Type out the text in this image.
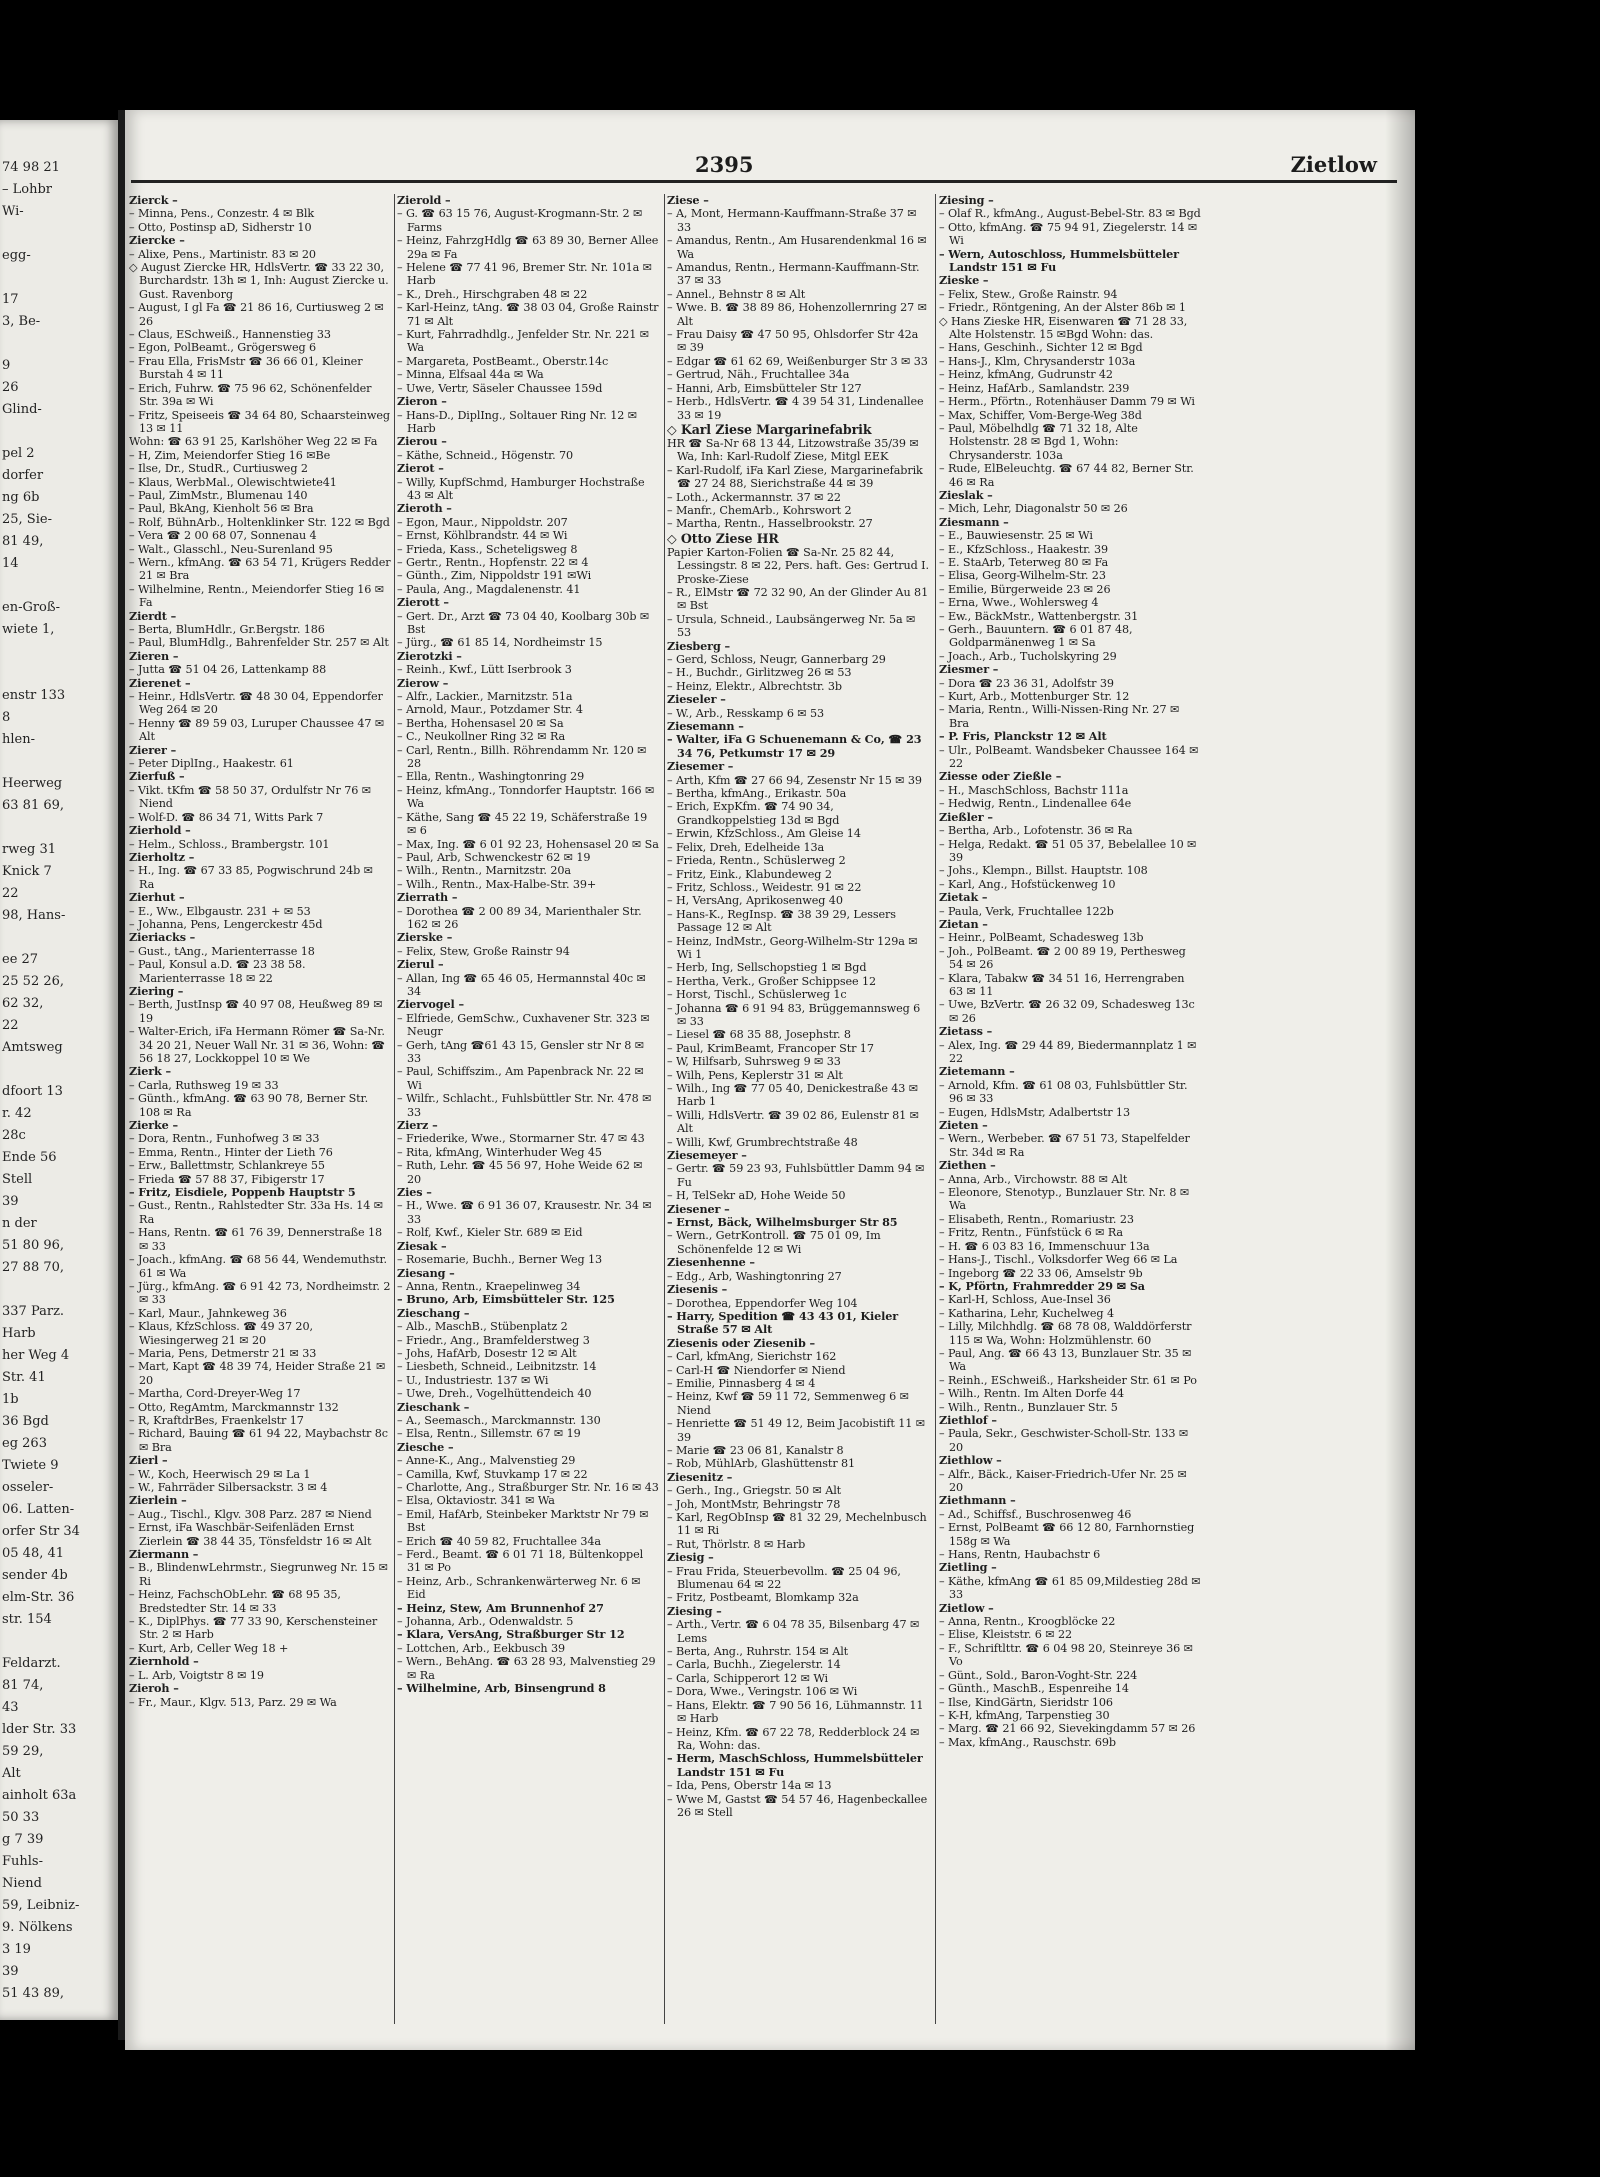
74 98 21
– Lohbr
Wi-
egg-
17
3, Be-
9
26
Glind-
pel 2
dorfer
ng 6b
25, Sie-
81 49,
14
en-Groß-
wiete 1,
enstr 133
8
hlen-
Heerweg
63 81 69,
rweg 31
Knick 7
22
98, Hans-
ee 27
25 52 26,
62 32,
22
Amtsweg
dfoort 13
r. 42
28c
Ende 56
Stell
39
n der
51 80 96,
27 88 70,
337 Parz.
Harb
her Weg 4
Str. 41
1b
36 Bgd
eg 263
Twiete 9
osseler-
06. Latten-
orfer Str 34
05 48, 41
sender 4b
elm-Str. 36
str. 154
Feldarzt.
81 74,
43
lder Str. 33
59 29,
Alt
ainholt 63a
50 33
g 7 39
Fuhls-
Niend
59, Leibniz-
9. Nölkens
3 19
39
51 43 89,
2395	Zietlow

Zierck –

– Minna, Pens., Conzestr. 4 ✉ Blk

– Otto, Postinsp aD, Sidherstr 10

Ziercke –

– Alixe, Pens., Martinistr. 83 ✉ 20

◇ August Ziercke HR, HdlsVertr. ☎ 33 22 30, Burchardstr. 13h ✉ 1, Inh: August Ziercke u. Gust. Ravenborg

– August, I gl Fa ☎ 21 86 16, Curtiusweg 2 ✉ 26

– Claus, ESchweiß., Hannenstieg 33

– Egon, PolBeamt., Grögersweg 6

– Frau Ella, FrisMstr ☎ 36 66 01, Kleiner Burstah 4 ✉ 11

– Erich, Fuhrw. ☎ 75 96 62, Schönenfelder Str. 39a ✉ Wi

– Fritz, Speiseeis ☎ 34 64 80, Schaarsteinweg 13 ✉ 11

Wohn: ☎ 63 91 25, Karlshöher Weg 22 ✉ Fa

– H, Zim, Meiendorfer Stieg 16 ✉Be

– Ilse, Dr., StudR., Curtiusweg 2

– Klaus, WerbMal., Olewischtwiete41

– Paul, ZimMstr., Blumenau 140

– Paul, BkAng, Kienholt 56 ✉ Bra

– Rolf, BühnArb., Holtenklinker Str. 122 ✉ Bgd

– Vera ☎ 2 00 68 07, Sonnenau 4

– Walt., Glasschl., Neu-Surenland 95

– Wern., kfmAng. ☎ 63 54 71, Krügers Redder 21 ✉ Bra

– Wilhelmine, Rentn., Meiendorfer Stieg 16 ✉ Fa

Zierdt –

– Berta, BlumHdlr., Gr.Bergstr. 186

– Paul, BlumHdlg., Bahrenfelder Str. 257 ✉ Alt

Zieren –

– Jutta ☎ 51 04 26, Lattenkamp 88

Zierenet –

– Heinr., HdlsVertr. ☎ 48 30 04, Eppendorfer Weg 264 ✉ 20

– Henny ☎ 89 59 03, Luruper Chaussee 47 ✉ Alt

Zierer –

– Peter DiplIng., Haakestr. 61

Zierfuß –

– Vikt. tKfm ☎ 58 50 37, Ordulfstr Nr 76 ✉ Niend

– Wolf-D. ☎ 86 34 71, Witts Park 7

Zierhold –

– Helm., Schloss., Brambergstr. 101

Zierholtz –

– H., Ing. ☎ 67 33 85, Pogwischrund 24b ✉ Ra

Zierhut –

– E., Ww., Elbgaustr. 231 + ✉ 53

– Johanna, Pens, Lengerckestr 45d

Zieriacks –

– Gust., tAng., Marienterrasse 18

– Paul, Konsul a.D. ☎ 23 38 58. Marienterrasse 18 ✉ 22

Ziering –

– Berth, JustInsp ☎ 40 97 08, Heußweg 89 ✉ 19

– Walter-Erich, iFa Hermann Römer ☎ Sa-Nr. 34 20 21, Neuer Wall Nr. 31 ✉ 36, Wohn: ☎ 56 18 27, Lockkoppel 10 ✉ We

Zierk –

– Carla, Ruthsweg 19 ✉ 33

– Günth., kfmAng. ☎ 63 90 78, Berner Str. 108 ✉ Ra

Zierke –

– Dora, Rentn., Funhofweg 3 ✉ 33

– Emma, Rentn., Hinter der Lieth 76

– Erw., Ballettmstr, Schlankreye 55

– Frieda ☎ 57 88 37, Fibigerstr 17

– Fritz, Eisdiele, Poppenb Hauptstr 5

– Gust., Rentn., Rahlstedter Str. 33a Hs. 14 ✉ Ra

– Hans, Rentn. ☎ 61 76 39, Dennerstraße 18 ✉ 33

– Joach., kfmAng. ☎ 68 56 44, Wendemuthstr. 61 ✉ Wa

– Jürg., kfmAng. ☎ 6 91 42 73, Nordheimstr. 2 ✉ 33

– Karl, Maur., Jahnkeweg 36

– Klaus, KfzSchloss. ☎ 49 37 20, Wiesingerweg 21 ✉ 20

– Maria, Pens, Detmerstr 21 ✉ 33

– Mart, Kapt ☎ 48 39 74, Heider Straße 21 ✉ 20

– Martha, Cord-Dreyer-Weg 17

– Otto, RegAmtm, Marckmannstr 132

– R, KraftdrBes, Fraenkelstr 17

– Richard, Bauing ☎ 61 94 22, Maybachstr 8c ✉ Bra

Zierl –

– W., Koch, Heerwisch 29 ✉ La 1

– W., Fahrräder Silbersackstr. 3 ✉ 4

Zierlein –

– Aug., Tischl., Klgv. 308 Parz. 287 ✉ Niend

– Ernst, iFa Waschbär-Seifenläden Ernst Zierlein ☎ 38 44 35, Tönsfeldstr 16 ✉ Alt

Ziermann –

– B., BlindenwLehrmstr., Siegrunweg Nr. 15 ✉ Ri

– Heinz, FachschObLehr. ☎ 68 95 35, Bredstedter Str. 14 ✉ 33

– K., DiplPhys. ☎ 77 33 90, Kerschensteiner Str. 2 ✉ Harb

– Kurt, Arb, Celler Weg 18 +

Ziernhold –

– L. Arb, Voigtstr 8 ✉ 19

Zieroh –

– Fr., Maur., Klgv. 513, Parz. 29 ✉ Wa

Zierold –

– G. ☎ 63 15 76, August-Krogmann-Str. 2 ✉ Farms

– Heinz, FahrzgHdlg ☎ 63 89 30, Berner Allee 29a ✉ Fa

– Helene ☎ 77 41 96, Bremer Str. Nr. 101a ✉ Harb

– K., Dreh., Hirschgraben 48 ✉ 22

– Karl-Heinz, tAng. ☎ 38 03 04, Große Rainstr 71 ✉ Alt

– Kurt, Fahrradhdlg., Jenfelder Str. Nr. 221 ✉ Wa

– Margareta, PostBeamt., Oberstr.14c

– Minna, Elfsaal 44a ✉ Wa

– Uwe, Vertr, Säseler Chaussee 159d

Zieron –

– Hans-D., DiplIng., Soltauer Ring Nr. 12 ✉ Harb

Zierou –

– Käthe, Schneid., Högenstr. 70

Zierot –

– Willy, KupfSchmd, Hamburger Hochstraße 43 ✉ Alt

Zieroth –

– Egon, Maur., Nippoldstr. 207

– Ernst, Köhlbrandstr. 44 ✉ Wi

– Frieda, Kass., Scheteligsweg 8

– Gertr., Rentn., Hopfenstr. 22 ✉ 4

– Günth., Zim, Nippoldstr 191 ✉Wi

– Paula, Ang., Magdalenenstr. 41

Zierott –

– Gert. Dr., Arzt ☎ 73 04 40, Koolbarg 30b ✉ Bst

– Jürg., ☎ 61 85 14, Nordheimstr 15

Zierotzki –

– Reinh., Kwf., Lütt Iserbrook 3

Zierow –

– Alfr., Lackier., Marnitzstr. 51a

– Arnold, Maur., Potzdamer Str. 4

– Bertha, Hohensasel 20 ✉ Sa

– C., Neukollner Ring 32 ✉ Ra

– Carl, Rentn., Billh. Röhrendamm Nr. 120 ✉ 28

– Ella, Rentn., Washingtonring 29

– Heinz, kfmAng., Tonndorfer Hauptstr. 166 ✉ Wa

– Käthe, Sang ☎ 45 22 19, Schäferstraße 19 ✉ 6

– Max, Ing. ☎ 6 01 92 23, Hohensasel 20 ✉ Sa

– Paul, Arb, Schwenckestr 62 ✉ 19

– Wilh., Rentn., Marnitzstr. 20a

– Wilh., Rentn., Max-Halbe-Str. 39+

Zierrath –

– Dorothea ☎ 2 00 89 34, Marienthaler Str. 162 ✉ 26

Zierske –

– Felix, Stew, Große Rainstr 94

Zierul –

– Allan, Ing ☎ 65 46 05, Hermannstal 40c ✉ 34

Ziervogel –

– Elfriede, GemSchw., Cuxhavener Str. 323 ✉ Neugr

– Gerh, tAng ☎61 43 15, Gensler str Nr 8 ✉ 33

– Paul, Schiffszim., Am Papenbrack Nr. 22 ✉ Wi

– Wilfr., Schlacht., Fuhlsbüttler Str. Nr. 478 ✉ 33

Zierz –

– Friederike, Wwe., Stormarner Str. 47 ✉ 43

– Rita, kfmAng, Winterhuder Weg 45

– Ruth, Lehr. ☎ 45 56 97, Hohe Weide 62 ✉ 20

Zies –

– H., Wwe. ☎ 6 91 36 07, Krausestr. Nr. 34 ✉ 33

– Rolf, Kwf., Kieler Str. 689 ✉ Eid

Ziesak –

– Rosemarie, Buchh., Berner Weg 13

Ziesang –

– Anna, Rentn., Kraepelinweg 34

– Bruno, Arb, Eimsbütteler Str. 125

Zieschang –

– Alb., MaschB., Stübenplatz 2

– Friedr., Ang., Bramfelderstweg 3

– Johs, HafArb, Dosestr 12 ✉ Alt

– Liesbeth, Schneid., Leibnitzstr. 14

– U., Industriestr. 137 ✉ Wi

– Uwe, Dreh., Vogelhüttendeich 40

Zieschank –

– A., Seemasch., Marckmannstr. 130

– Elsa, Rentn., Sillemstr. 67 ✉ 19

Ziesche –

– Anne-K., Ang., Malvenstieg 29

– Camilla, Kwf, Stuvkamp 17 ✉ 22

– Charlotte, Ang., Straßburger Str. Nr. 16 ✉ 43

– Elsa, Oktaviostr. 341 ✉ Wa

– Emil, HafArb, Steinbeker Marktstr Nr 79 ✉ Bst

– Erich ☎ 40 59 82, Fruchtallee 34a

– Ferd., Beamt. ☎ 6 01 71 18, Bültenkoppel 31 ✉ Po

– Heinz, Arb., Schrankenwärterweg Nr. 6 ✉ Eid

– Heinz, Stew, Am Brunnenhof 27

– Johanna, Arb., Odenwaldstr. 5

– Klara, VersAng, Straßburger Str 12

– Lottchen, Arb., Eekbusch 39

– Wern., BehAng. ☎ 63 28 93, Malvenstieg 29 ✉ Ra

– Wilhelmine, Arb, Binsengrund 8

Ziese –

– A, Mont, Hermann-Kauffmann-Straße 37 ✉ 33

– Amandus, Rentn., Am Husarendenkmal 16 ✉ Wa

– Amandus, Rentn., Hermann-Kauffmann-Str. 37 ✉ 33

– Annel., Behnstr 8 ✉ Alt

– Wwe. B. ☎ 38 89 86, Hohenzollernring 27 ✉ Alt

– Frau Daisy ☎ 47 50 95, Ohlsdorfer Str 42a ✉ 39

– Edgar ☎ 61 62 69, Weißenburger Str 3 ✉ 33

– Gertrud, Näh., Fruchtallee 34a

– Hanni, Arb, Eimsbütteler Str 127

– Herb., HdlsVertr. ☎ 4 39 54 31, Lindenallee 33 ✉ 19

◇ Karl Ziese Margarinefabrik

HR ☎ Sa-Nr 68 13 44, Litzowstraße 35/39 ✉ Wa, Inh: Karl-Rudolf Ziese, Mitgl EEK

– Karl-Rudolf, iFa Karl Ziese, Margarinefabrik ☎ 27 24 88, Sierichstraße 44 ✉ 39

– Loth., Ackermannstr. 37 ✉ 22

– Manfr., ChemArb., Kohrswort 2

– Martha, Rentn., Hasselbrookstr. 27

◇ Otto Ziese HR

Papier Karton-Folien ☎ Sa-Nr. 25 82 44, Lessingstr. 8 ✉ 22, Pers. haft. Ges: Gertrud I. Proske-Ziese

– R., ElMstr ☎ 72 32 90, An der Glinder Au 81 ✉ Bst

– Ursula, Schneid., Laubsängerweg Nr. 5a ✉ 53

Ziesberg –

– Gerd, Schloss, Neugr, Gannerbarg 29

– H., Buchdr., Girlitzweg 26 ✉ 53

– Heinz, Elektr., Albrechtstr. 3b

Zieseler –

– W., Arb., Resskamp 6 ✉ 53

Ziesemann –

– Walter, iFa G Schuenemann & Co, ☎ 23 34 76, Petkumstr 17 ✉ 29

Ziesemer –

– Arth, Kfm ☎ 27 66 94, Zesenstr Nr 15 ✉ 39

– Bertha, kfmAng., Erikastr. 50a

– Erich, ExpKfm. ☎ 74 90 34, Grandkoppelstieg 13d ✉ Bgd

– Erwin, KfzSchloss., Am Gleise 14

– Felix, Dreh, Edelheide 13a

– Frieda, Rentn., Schüslerweg 2

– Fritz, Eink., Klabundeweg 2

– Fritz, Schloss., Weidestr. 91 ✉ 22

– H, VersAng, Aprikosenweg 40

– Hans-K., RegInsp. ☎ 38 39 29, Lessers Passage 12 ✉ Alt

– Heinz, IndMstr., Georg-Wilhelm-Str 129a ✉ Wi 1

– Herb, Ing, Sellschopstieg 1 ✉ Bgd

– Hertha, Verk., Großer Schippsee 12

– Horst, Tischl., Schüslerweg 1c

– Johanna ☎ 6 91 94 83, Brüggemannsweg 6 ✉ 33

– Liesel ☎ 68 35 88, Josephstr. 8

– Paul, KrimBeamt, Francoper Str 17

– W, Hilfsarb, Suhrsweg 9 ✉ 33

– Wilh, Pens, Keplerstr 31 ✉ Alt

– Wilh., Ing ☎ 77 05 40, Denickestraße 43 ✉ Harb 1

– Willi, HdlsVertr. ☎ 39 02 86, Eulenstr 81 ✉ Alt

– Willi, Kwf, Grumbrechtstraße 48

Ziesemeyer –

– Gertr. ☎ 59 23 93, Fuhlsbüttler Damm 94 ✉ Fu

– H, TelSekr aD, Hohe Weide 50

Ziesener –

– Ernst, Bäck, Wilhelmsburger Str 85

– Wern., GetrKontroll. ☎ 75 01 09, Im Schönenfelde 12 ✉ Wi

Ziesenhenne –

– Edg., Arb, Washingtonring 27

Ziesenis –

– Dorothea, Eppendorfer Weg 104

– Harry, Spedition ☎ 43 43 01, Kieler Straße 57 ✉ Alt

Ziesenis oder Ziesenib –

– Carl, kfmAng, Sierichstr 162

– Carl-H ☎ Niendorfer ✉ Niend

– Emilie, Pinnasberg 4 ✉ 4

– Heinz, Kwf ☎ 59 11 72, Semmenweg 6 ✉ Niend

– Henriette ☎ 51 49 12, Beim Jacobistift 11 ✉ 39

– Marie ☎ 23 06 81, Kanalstr 8

– Rob, MühlArb, Glashüttenstr 81

Ziesenitz –

– Gerh., Ing., Griegstr. 50 ✉ Alt

– Joh, MontMstr, Behringstr 78

– Karl, RegObInsp ☎ 81 32 29, Mechelnbusch 11 ✉ Ri

– Rut, Thörlstr. 8 ✉ Harb

Ziesig –

– Frau Frida, Steuerbevollm. ☎ 25 04 96, Blumenau 64 ✉ 22

– Fritz, Postbeamt, Blomkamp 32a

Ziesing –

– Arth., Vertr. ☎ 6 04 78 35, Bilsenbarg 47 ✉ Lems

– Berta, Ang., Ruhrstr. 154 ✉ Alt

– Carla, Buchh., Ziegelerstr. 14

– Carla, Schipperort 12 ✉ Wi

– Dora, Wwe., Veringstr. 106 ✉ Wi

– Hans, Elektr. ☎ 7 90 56 16, Lühmannstr. 11 ✉ Harb

– Heinz, Kfm. ☎ 67 22 78, Redderblock 24 ✉ Ra, Wohn: das.

– Herm, MaschSchloss, Hummelsbütteler Landstr 151 ✉ Fu

– Ida, Pens, Oberstr 14a ✉ 13

– Wwe M, Gastst ☎ 54 57 46, Hagenbeckallee 26 ✉ Stell

Ziesing –

– Olaf R., kfmAng., August-Bebel-Str. 83 ✉ Bgd

– Otto, kfmAng. ☎ 75 94 91, Ziegelerstr. 14 ✉ Wi

– Wern, Autoschloss, Hummelsbütteler Landstr 151 ✉ Fu

Zieske –

– Felix, Stew., Große Rainstr. 94

– Friedr., Röntgening, An der Alster 86b ✉ 1

◇ Hans Zieske HR, Eisenwaren ☎ 71 28 33, Alte Holstenstr. 15 ✉Bgd Wohn: das.

– Hans, Geschinh., Sichter 12 ✉ Bgd

– Hans-J., Klm, Chrysanderstr 103a

– Heinz, kfmAng, Gudrunstr 42

– Heinz, HafArb., Samlandstr. 239

– Herm., Pförtn., Rotenhäuser Damm 79 ✉ Wi

– Max, Schiffer, Vom-Berge-Weg 38d

– Paul, Möbelhdlg ☎ 71 32 18, Alte Holstenstr. 28 ✉ Bgd 1, Wohn: Chrysanderstr. 103a

– Rude, ElBeleuchtg. ☎ 67 44 82, Berner Str. 46 ✉ Ra

Zieslak –

– Mich, Lehr, Diagonalstr 50 ✉ 26

Ziesmann –

– E., Bauwiesenstr. 25 ✉ Wi

– E., KfzSchloss., Haakestr. 39

– E. StaArb, Teterweg 80 ✉ Fa

– Elisa, Georg-Wilhelm-Str. 23

– Emilie, Bürgerweide 23 ✉ 26

– Erna, Wwe., Wohlersweg 4

– Ew., BäckMstr., Wattenbergstr. 31

– Gerh., Bauuntern. ☎ 6 01 87 48, Goldparmänenweg 1 ✉ Sa

– Joach., Arb., Tucholskyring 29

Ziesmer –

– Dora ☎ 23 36 31, Adolfstr 39

– Kurt, Arb., Mottenburger Str. 12

– Maria, Rentn., Willi-Nissen-Ring Nr. 27 ✉ Bra

– P. Fris, Planckstr 12 ✉ Alt

– Ulr., PolBeamt. Wandsbeker Chaussee 164 ✉ 22

Ziesse oder Zießle –

– H., MaschSchloss, Bachstr 111a

– Hedwig, Rentn., Lindenallee 64e

Zießler –

– Bertha, Arb., Lofotenstr. 36 ✉ Ra

– Helga, Redakt. ☎ 51 05 37, Bebelallee 10 ✉ 39

– Johs., Klempn., Billst. Hauptstr. 108

– Karl, Ang., Hofstückenweg 10

Zietak –

– Paula, Verk, Fruchtallee 122b

Zietan –

– Heinr., PolBeamt, Schadesweg 13b

– Joh., PolBeamt. ☎ 2 00 89 19, Perthesweg 54 ✉ 26

– Klara, Tabakw ☎ 34 51 16, Herrengraben 63 ✉ 11

– Uwe, BzVertr. ☎ 26 32 09, Schadesweg 13c ✉ 26

Zietass –

– Alex, Ing. ☎ 29 44 89, Biedermannplatz 1 ✉ 22

Zietemann –

– Arnold, Kfm. ☎ 61 08 03, Fuhlsbüttler Str. 96 ✉ 33

– Eugen, HdlsMstr, Adalbertstr 13

Zieten –

– Wern., Werbeber. ☎ 67 51 73, Stapelfelder Str. 34d ✉ Ra

Ziethen –

– Anna, Arb., Virchowstr. 88 ✉ Alt

– Eleonore, Stenotyp., Bunzlauer Str. Nr. 8 ✉ Wa

– Elisabeth, Rentn., Romariustr. 23

– Fritz, Rentn., Fünfstück 6 ✉ Ra

– H. ☎ 6 03 83 16, Immenschuur 13a

– Hans-J., Tischl., Volksdorfer Weg 66 ✉ La

– Ingeborg ☎ 22 33 06, Amselstr 9b

– K, Pförtn, Frahmredder 29 ✉ Sa

– Karl-H, Schloss, Aue-Insel 36

– Katharina, Lehr, Kuchelweg 4

– Lilly, Milchhdlg. ☎ 68 78 08, Walddörferstr 115 ✉ Wa, Wohn: Holzmühlenstr. 60

– Paul, Ang. ☎ 66 43 13, Bunzlauer Str. 35 ✉ Wa

– Reinh., ESchweiß., Harksheider Str. 61 ✉ Po

– Wilh., Rentn. Im Alten Dorfe 44

– Wilh., Rentn., Bunzlauer Str. 5

Ziethlof –

– Paula, Sekr., Geschwister-Scholl-Str. 133 ✉ 20

Ziethlow –

– Alfr., Bäck., Kaiser-Friedrich-Ufer Nr. 25 ✉ 20

Ziethmann –

– Ad., Schiffsf., Buschrosenweg 46

– Ernst, PolBeamt ☎ 66 12 80, Farnhornstieg 158g ✉ Wa

– Hans, Rentn, Haubachstr 6

Zietling –

– Käthe, kfmAng ☎ 61 85 09,Mildestieg 28d ✉ 33

Zietlow –

– Anna, Rentn., Kroogblöcke 22

– Elise, Kleiststr. 6 ✉ 22

– F., Schriftlttr. ☎ 6 04 98 20, Steinreye 36 ✉ Vo

– Günt., Sold., Baron-Voght-Str. 224

– Günth., MaschB., Espenreihe 14

– Ilse, KindGärtn, Sieridstr 106

– K-H, kfmAng, Tarpenstieg 30

– Marg. ☎ 21 66 92, Sievekingdamm 57 ✉ 26

– Max, kfmAng., Rauschstr. 69b
